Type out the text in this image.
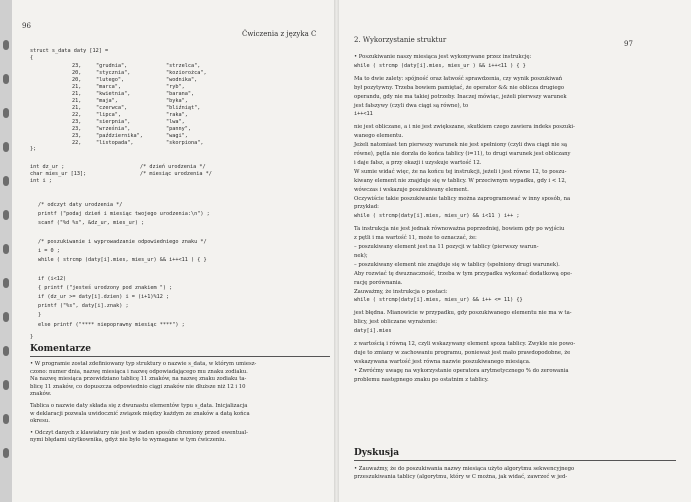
96
Ćwiczenia z języka C
struct s_data daty [12] =
{
23,	"grudnia",	"strzelca",
20,	"stycznia",	"koziorożca",
20,	"lutego",	"wodnika",
21,	"marca",	"ryb",
21,	"kwietnia",	"barana",
21,	"maja",	"byka",
21,	"czerwca",	"bliźniąt",
22,	"lipca",	"raka",
23,	"sierpnia",	"lwa",
23,	"września",	"panny",
23,	"października",	"wagi",
22,	"listopada",	"skorpiona",
};
int dz_ur ;	/* dzień urodzenia */
char mies_ur [13];	/* miesiąc urodzenia */
int i ;
/* odczyt daty urodzenia */
printf ("podaj dzień i miesiąc twojego urodzenia:\n") ;
scanf ("%d %s", &dz_ur, mies_ur) ;
/* poszukiwanie i wyprowadzanie odpowiedniego znaku */
i = 0 ;
while ( strcmp (daty[i].mies, mies_ur) && i++<11 ) { }
if (i<12)
{ printf ("jesteś urodzony pod znakiem ") ;
if (dz_ur >= daty[i].dzien) i = (i+1)%12 ;
printf ("%s", daty[i].znak) ;
}
else printf ("**** niepoprawny miesiąc ****") ;
}
Komentarze
• W programie został zdefiniowany typ struktury o nazwie s_data, w którym umiesz-
czono: numer dnia, nazwę miesiąca i nazwę odpowiadającego mu znaku zodiaku.
Na nazwę miesiąca przewidziano tablicę 11 znaków, na nazwę znaku zodiaku ta-
blicę 11 znaków, co dopuszcza odpowiednio ciągi znaków nie dłuższe niż 12 i 10
znaków.
Tablica o nazwie daty składa się z dwunastu elementów typu s_data. Inicjalizacja
w deklaracji pozwala uwidocznić związek między każdym ze znaków a datą końca
okresu.
• Odczyt danych z klawiatury nie jest w żaden sposób chroniony przed ewentual-
nymi błędami użytkownika, gdyż nie było to wymagane w tym ćwiczeniu.
2. Wykorzystanie struktur	97
• Poszukiwanie naszy miesiąca jest wykonywane przez instrukcję:
while ( strcmp (daty[i].mies, mies_ur ) && i++<11 ) { }
Ma to dwie zalety: spójność oraz łatwość sprawdzenia, czy wynik poszukiwań
był pozytywny. Trzeba bowiem pamiętać, że operator && nie oblicza drugiego
operandu, gdy nie ma takiej potrzeby. Inaczej mówiąc, jeżeli pierwszy warunek
jest fałszywy (czyli dwa ciągi są równe), to
i++<11
nie jest obliczane, a i nie jest zwiększane, skutkiem czego zawiera indeks poszuki-
wanego elementu.
Jeżeli natomiast ten pierwszy warunek nie jest spełniony (czyli dwa ciągi nie są
równe), pętla nie dorzła do końca tablicy (i=11), to drugi warunek jest obliczany
i daje fałsz, a przy okazji i uzyskuje wartość 12.
W sumie widać więc, że na końcu tej instrukcji, jeżeli i jest równe 12, to poszu-
kiwany element nie znajduje się w tablicy. W przeciwnym wypadku, gdy i < 12,
wówczas i wskazuje poszukiwany element.
Oczywiście takie poszukiwanie tablicy można zaprogramować w inny sposób, na
przykład:
while ( strcmp(daty[i].mies, mies_ur) && i<11 ) i++ ;
Ta instrukcja nie jest jednak równoważna poprzedniej, bowiem gdy po wyjściu
z pętli i ma wartość 11, może to oznaczać, że:
– poszukiwany element jest na 11 pozycji w tablicy (pierwszy warun-
nek);
– poszukiwany element nie znajduje się w tablicy (spełniony drugi warunek).
Aby rozwiać tę dwuznaczność, trzeba w tym przypadku wykonać dodatkową ope-
rację porównania.
Zauważmy, że instrukcja o postaci:
while ( strcmp(daty[i].mies, mies_ur) && i++ <= 11) {}
jest błędna. Mianowicie w przypadku, gdy poszukiwanego elementu nie ma w ta-
blicy, jest obliczane wyrażenie:
daty[i].mies
z wartością i równą 12, czyli wskazywany element spoza tablicy. Zwykle nie powo-
duje to zmiany w zachowaniu programu, ponieważ jest mało prawdopodobne, że
wskazywana wartość jest równa nazwie poszukiwanego miesiąca.
• Zwróćmy uwagę na wykorzystanie operatora arytmetycznego % do zerowania
problemu następnego znaku po ostatnim z tablicy.
Dyskusja
• Zauważmy, że do poszukiwania nazwy miesiąca użyto algorytmu sekwencyjnego
przeszukiwania tablicy (algorytmu, który w C można, jak widać, zawrzeć w jed-
